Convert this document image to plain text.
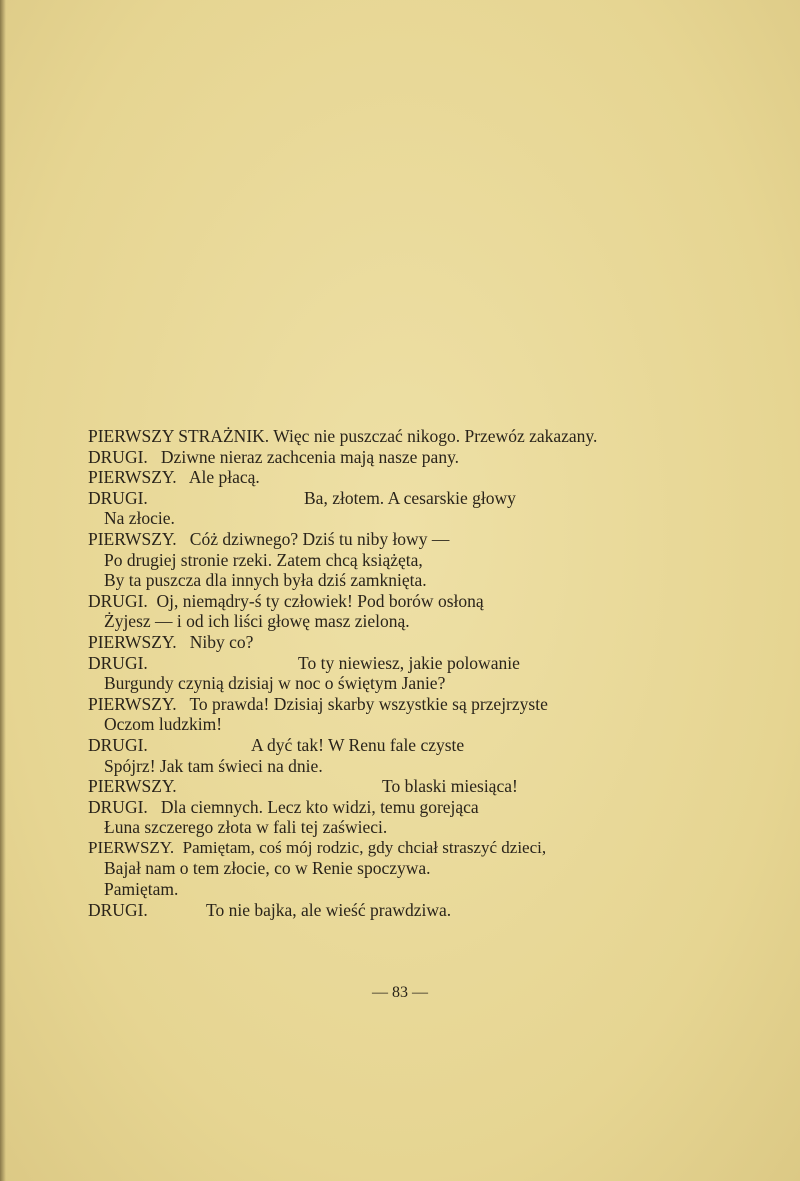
PIERWSZY STRAŻNIK. Więc nie puszczać nikogo. Przewóz zakazany.
DRUGI. Dziwne nieraz zachcenia mają nasze pany.
PIERWSZY. Ale płacą.
DRUGI.	Ba, złotem. A cesarskie głowy
Na złocie.
PIERWSZY. Cóż dziwnego? Dziś tu niby łowy —
Po drugiej stronie rzeki. Zatem chcą książęta,
By ta puszcza dla innych była dziś zamknięta.
DRUGI. Oj, niemądry-ś ty człowiek! Pod borów osłoną
Żyjesz — i od ich liści głowę masz zieloną.
PIERWSZY. Niby co?
DRUGI.	To ty niewiesz, jakie polowanie
Burgundy czynią dzisiaj w noc o świętym Janie?
PIERWSZY. To prawda! Dzisiaj skarby wszystkie są przejrzyste
Oczom ludzkim!
DRUGI.	A dyć tak! W Renu fale czyste
Spójrz! Jak tam świeci na dnie.
PIERWSZY.	To blaski miesiąca!
DRUGI. Dla ciemnych. Lecz kto widzi, temu gorejąca
Łuna szczerego złota w fali tej zaświeci.
PIERWSZY. Pamiętam, coś mój rodzic, gdy chciał straszyć dzieci,
Bajał nam o tem złocie, co w Renie spoczywa.
Pamiętam.
DRUGI.	To nie bajka, ale wieść prawdziwa.
— 83 —
